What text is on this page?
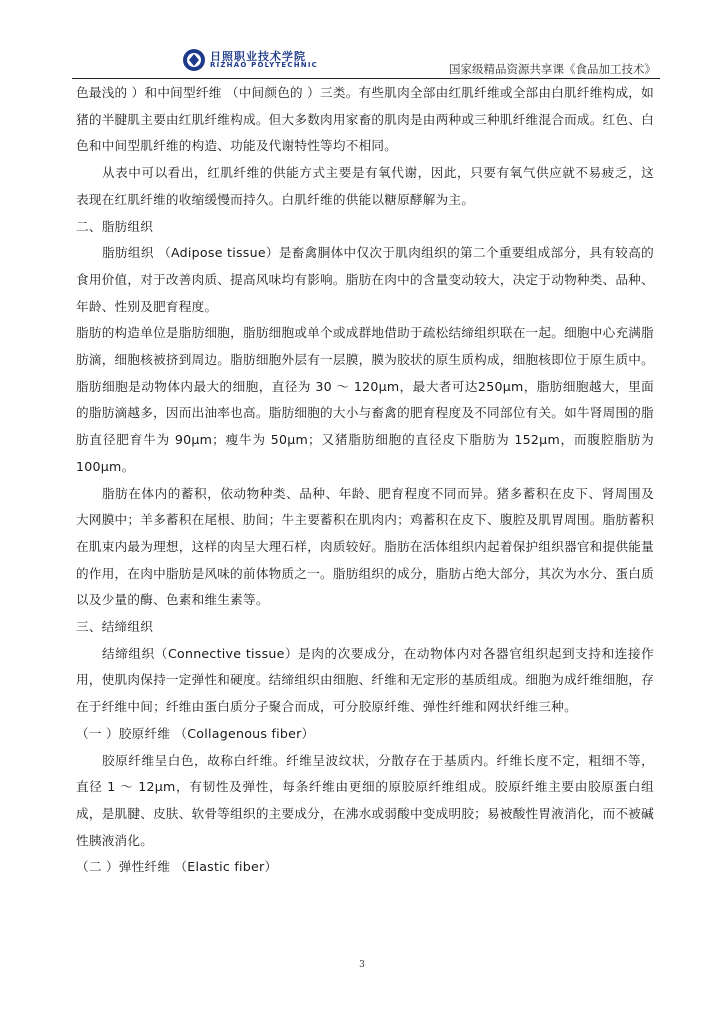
日照职业技术学院
RIZHAO POLYTECHNIC	国家级精品资源共享课《食品加工技术》

色最浅的 ）和中间型纤维 （中间颜色的 ）三类。有些肌肉全部由红肌纤维或全部由白肌纤维构成，如猪的半腱肌主要由红肌纤维构成。但大多数肉用家畜的肌肉是由两种或三种肌纤维混合而成。红色、白色和中间型肌纤维的构造、功能及代谢特性等均不相同。

从表中可以看出，红肌纤维的供能方式主要是有氧代谢，因此，只要有氧气供应就不易疲乏，这表现在红肌纤维的收缩缓慢而持久。白肌纤维的供能以糖原酵解为主。

二、脂肪组织

脂肪组织 （Adipose tissue）是畜禽胴体中仅次于肌肉组织的第二个重要组成部分，具有较高的食用价值，对于改善肉质、提高风味均有影响。脂肪在肉中的含量变动较大，决定于动物种类、品种、年龄、性别及肥育程度。

脂肪的构造单位是脂肪细胞，脂肪细胞或单个或成群地借助于疏松结缔组织联在一起。细胞中心充满脂肪滴，细胞核被挤到周边。脂肪细胞外层有一层膜，膜为胶状的原生质构成，细胞核即位于原生质中。脂肪细胞是动物体内最大的细胞，直径为 30 ～ 120μm，最大者可达250μm，脂肪细胞越大，里面的脂肪滴越多，因而出油率也高。脂肪细胞的大小与畜禽的肥育程度及不同部位有关。如牛肾周围的脂肪直径肥育牛为 90μm；瘦牛为 50μm；又猪脂肪细胞的直径皮下脂肪为 152μm，而腹腔脂肪为 100μm。

脂肪在体内的蓄积，依动物种类、品种、年龄、肥育程度不同而异。猪多蓄积在皮下、肾周围及大网膜中；羊多蓄积在尾根、肋间；牛主要蓄积在肌肉内；鸡蓄积在皮下、腹腔及肌胃周围。脂肪蓄积在肌束内最为理想，这样的肉呈大理石样，肉质较好。脂肪在活体组织内起着保护组织器官和提供能量的作用，在肉中脂肪是风味的前体物质之一。脂肪组织的成分，脂肪占绝大部分，其次为水分、蛋白质以及少量的酶、色素和维生素等。

三、结缔组织

结缔组织（Connective tissue）是肉的次要成分，在动物体内对各器官组织起到支持和连接作用，使肌肉保持一定弹性和硬度。结缔组织由细胞、纤维和无定形的基质组成。细胞为成纤维细胞，存在于纤维中间；纤维由蛋白质分子聚合而成，可分胶原纤维、弹性纤维和网状纤维三种。

（一 ）胶原纤维 （Collagenous fiber）

胶原纤维呈白色，故称白纤维。纤维呈波纹状，分散存在于基质内。纤维长度不定，粗细不等，直径 1 ～ 12μm，有韧性及弹性，每条纤维由更细的原胶原纤维组成。胶原纤维主要由胶原蛋白组成，是肌腱、皮肤、软骨等组织的主要成分，在沸水或弱酸中变成明胶；易被酸性胃液消化，而不被碱性胰液消化。

（二 ）弹性纤维 （Elastic fiber）

3
